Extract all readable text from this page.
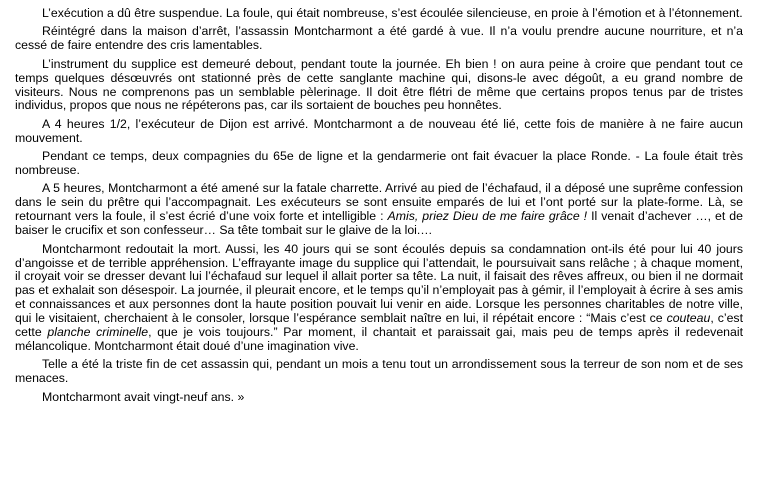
L’exécution a dû être suspendue. La foule, qui était nombreuse, s’est écoulée silencieuse, en proie à l’émotion et à l’étonnement.

Réintégré dans la maison d’arrêt, l’assassin Montcharmont a été gardé à vue. Il n’a voulu prendre aucune nourriture, et n’a cessé de faire entendre des cris lamentables.

L’instrument du supplice est demeuré debout, pendant toute la journée. Eh bien ! on aura peine à croire que pendant tout ce temps quelques désœuvrés ont stationné près de cette sanglante machine qui, disons-le avec dégoût, a eu grand nombre de visiteurs. Nous ne comprenons pas un semblable pèlerinage. Il doit être flétri de même que certains propos tenus par de tristes individus, propos que nous ne répéterons pas, car ils sortaient de bouches peu honnêtes.

A 4 heures 1/2, l’exécuteur de Dijon est arrivé. Montcharmont a de nouveau été lié, cette fois de manière à ne faire aucun mouvement.

Pendant ce temps, deux compagnies du 65e de ligne et la gendarmerie ont fait évacuer la place Ronde. - La foule était très nombreuse.

A 5 heures, Montcharmont a été amené sur la fatale charrette. Arrivé au pied de l’échafaud, il a déposé une suprême confession dans le sein du prêtre qui l’accompagnait. Les exécuteurs se sont ensuite emparés de lui et l’ont porté sur la plate-forme. Là, se retournant vers la foule, il s’est écrié d’une voix forte et intelligible : Amis, priez Dieu de me faire grâce ! Il venait d’achever …, et de baiser le crucifix et son confesseur… Sa tête tombait sur le glaive de la loi.…

Montcharmont redoutait la mort. Aussi, les 40 jours qui se sont écoulés depuis sa condamnation ont-ils été pour lui 40 jours d’angoisse et de terrible appréhension. L’effrayante image du supplice qui l’attendait, le poursuivait sans relâche ; à chaque moment, il croyait voir se dresser devant lui l’échafaud sur lequel il allait porter sa tête. La nuit, il faisait des rêves affreux, ou bien il ne dormait pas et exhalait son désespoir. La journée, il pleurait encore, et le temps qu’il n’employait pas à gémir, il l’employait à écrire à ses amis et connaissances et aux personnes dont la haute position pouvait lui venir en aide. Lorsque les personnes charitables de notre ville, qui le visitaient, cherchaient à le consoler, lorsque l’espérance semblait naître en lui, il répétait encore : “Mais c’est ce couteau, c’est cette planche criminelle, que je vois toujours.” Par moment, il chantait et paraissait gai, mais peu de temps après il redevenait mélancolique. Montcharmont était doué d’une imagination vive.

Telle a été la triste fin de cet assassin qui, pendant un mois a tenu tout un arrondissement sous la terreur de son nom et de ses menaces.

Montcharmont avait vingt-neuf ans. »
